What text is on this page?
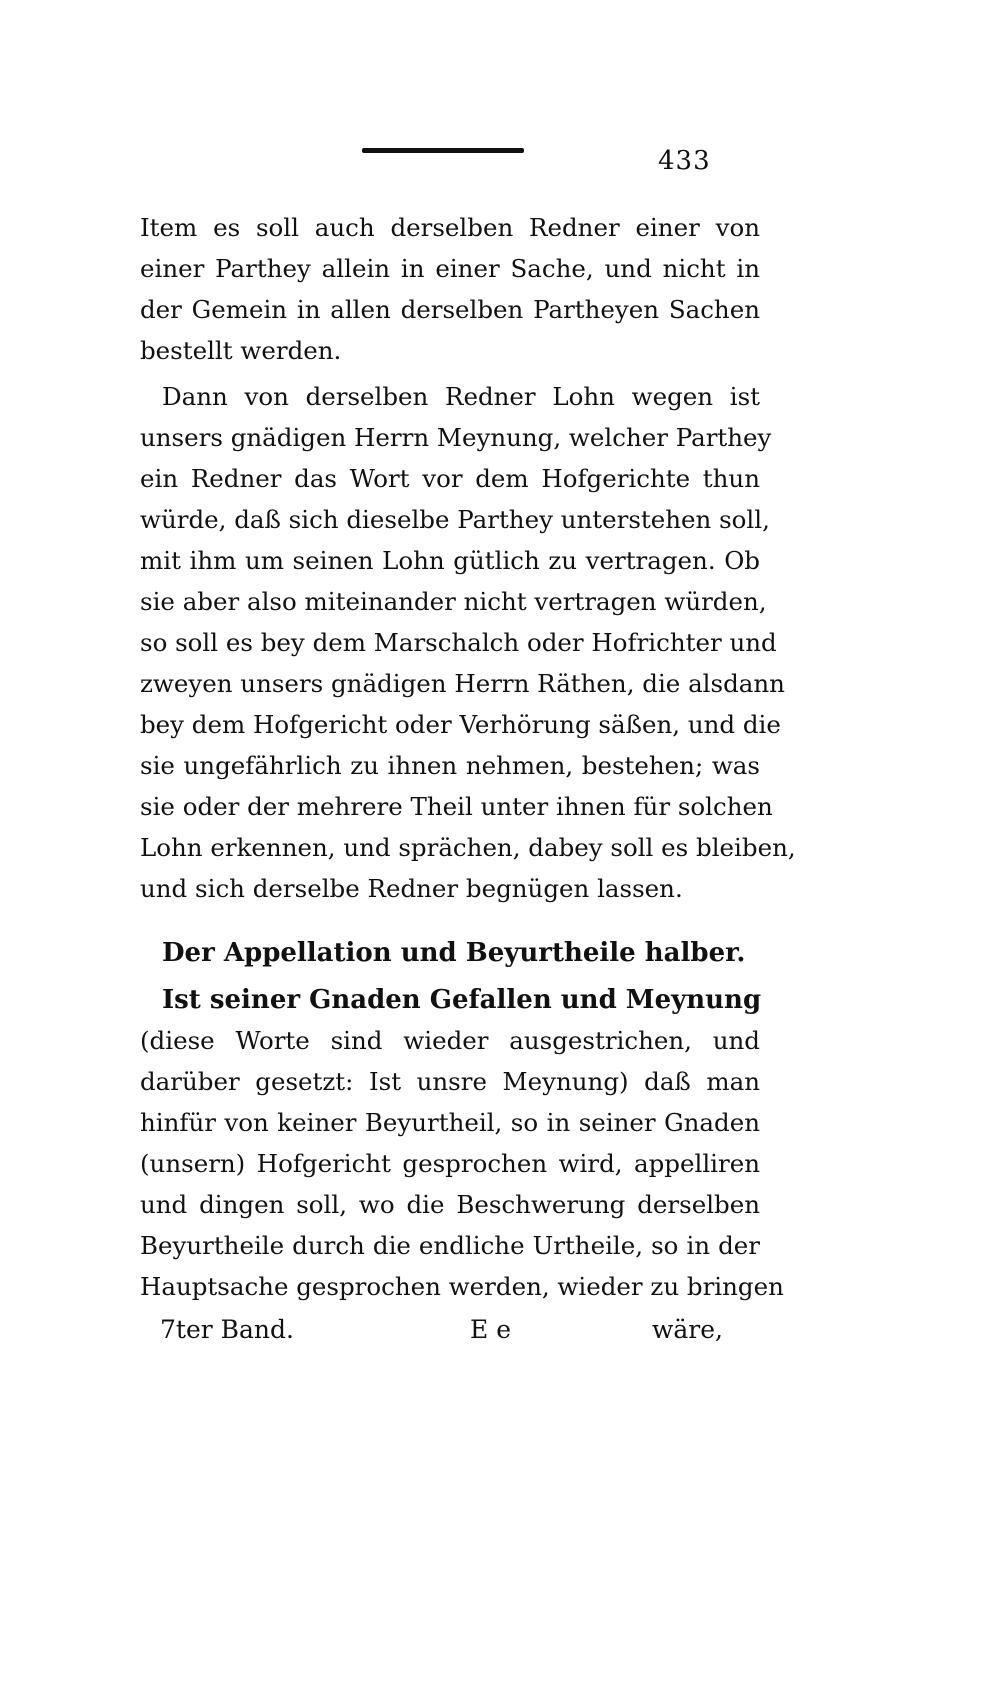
433
Item es soll auch derselben Redner einer von
einer Parthey allein in einer Sache, und nicht in
der Gemein in allen derselben Partheyen Sachen
bestellt werden.
Dann von derselben Redner Lohn wegen ist
unsers gnädigen Herrn Meynung, welcher Parthey
ein Redner das Wort vor dem Hofgerichte thun
würde, daß sich dieselbe Parthey unterstehen soll,
mit ihm um seinen Lohn gütlich zu vertragen. Ob
sie aber also miteinander nicht vertragen würden,
so soll es bey dem Marschalch oder Hofrichter und
zweyen unsers gnädigen Herrn Räthen, die alsdann
bey dem Hofgericht oder Verhörung säßen, und die
sie ungefährlich zu ihnen nehmen, bestehen; was
sie oder der mehrere Theil unter ihnen für solchen
Lohn erkennen, und sprächen, dabey soll es bleiben,
und sich derselbe Redner begnügen lassen.
Der Appellation und Beyurtheile halber.
Ist seiner Gnaden Gefallen und Meynung
(diese Worte sind wieder ausgestrichen, und
darüber gesetzt: Ist unsre Meynung) daß man
hinfür von keiner Beyurtheil, so in seiner Gnaden
(unsern) Hofgericht gesprochen wird, appelliren
und dingen soll, wo die Beschwerung derselben
Beyurtheile durch die endliche Urtheile, so in der
Hauptsache gesprochen werden, wieder zu bringen
7ter Band.	E e	wäre,
